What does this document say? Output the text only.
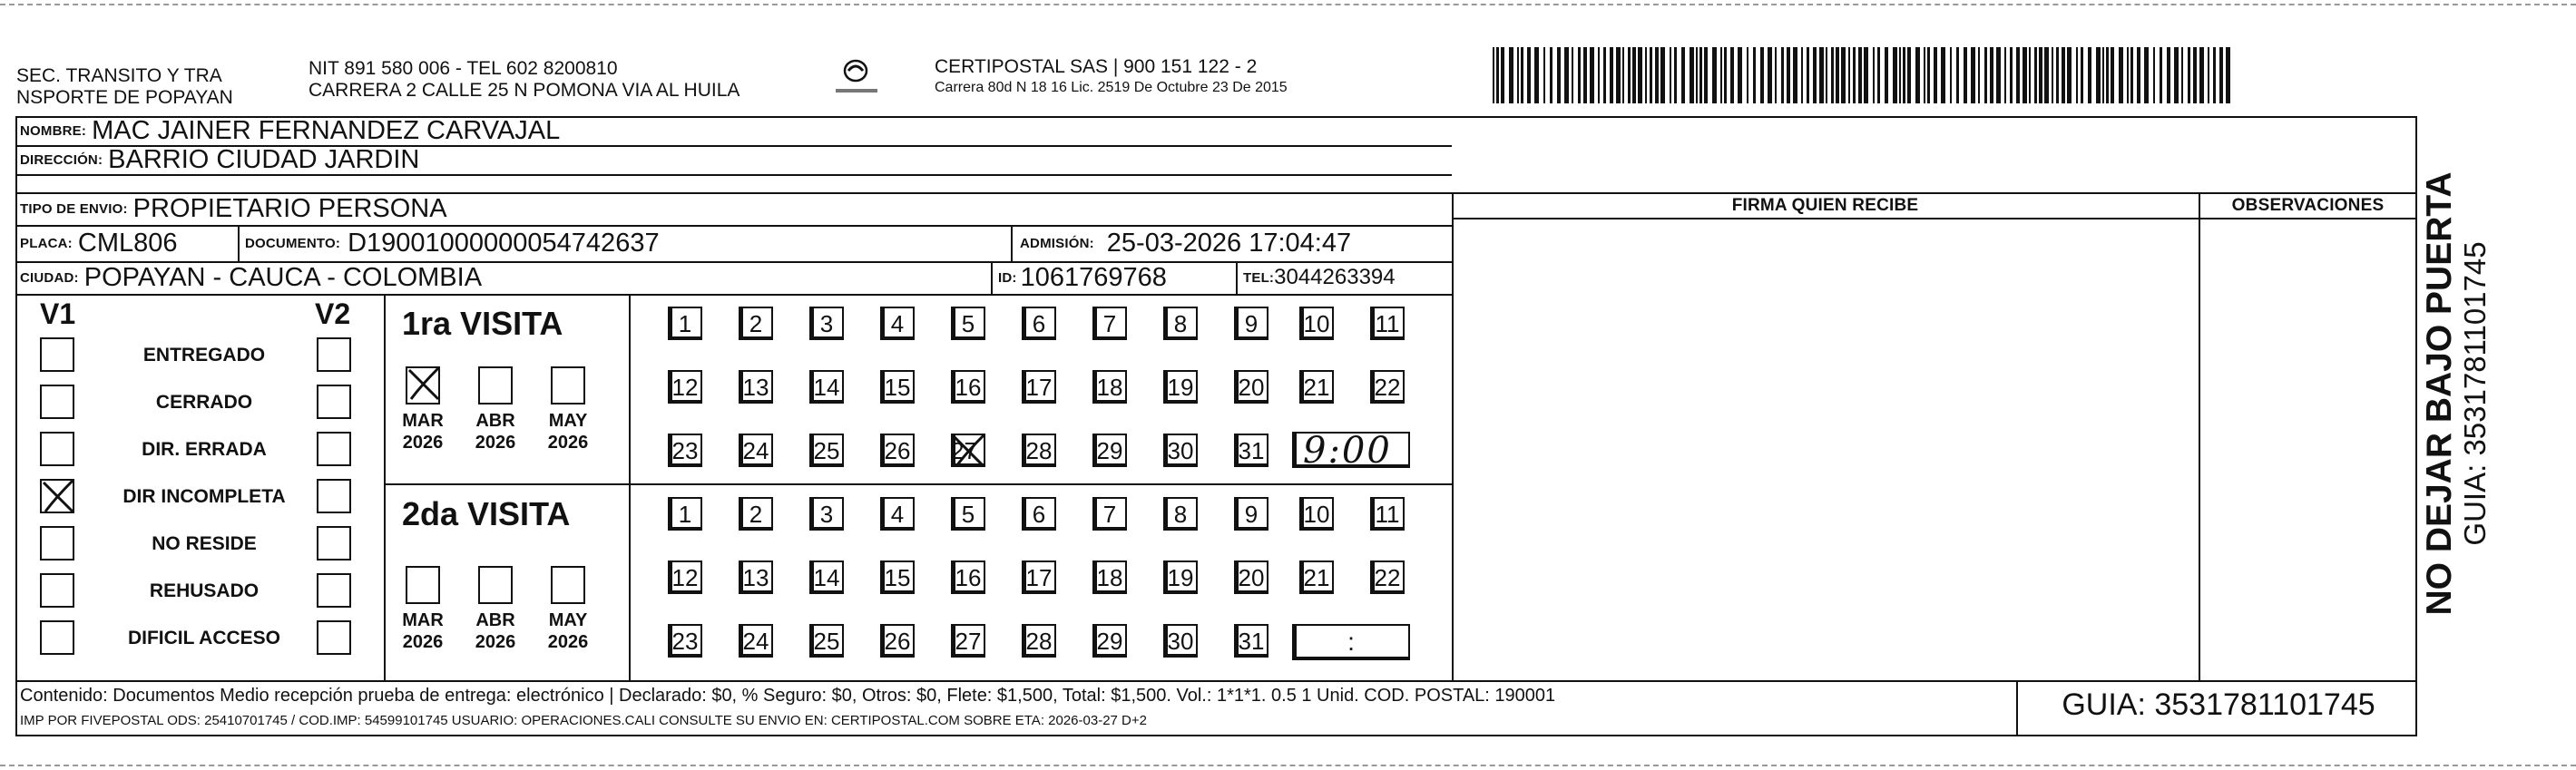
SEC. TRANSITO Y TRA
NSPORTE DE POPAYAN
NIT 891 580 006 - TEL 602 8200810
CARRERA 2 CALLE 25 N POMONA VIA AL HUILA
CERTIPOSTAL SAS | 900 151 122 - 2
Carrera 80d N 18 16 Lic. 2519 De Octubre 23 De 2015
NOMBRE: MAC JAINER FERNANDEZ CARVAJAL
DIRECCIÓN: BARRIO CIUDAD JARDIN
TIPO DE ENVIO: PROPIETARIO PERSONA
PLACA: CML806	DOCUMENTO: D19001000000054742637	ADMISIÓN: 25-03-2026 17:04:47
CIUDAD: POPAYAN - CAUCA - COLOMBIA	ID: 1061769768	TEL: 3044263394
FIRMA QUIEN RECIBE	OBSERVACIONES
V1	V2
ENTREGADO
CERRADO
DIR. ERRADA
DIR INCOMPLETA
NO RESIDE
REHUSADO
DIFICIL ACCESO
1ra VISITA
2da VISITA
MAR
2026
ABR
2026
MAY
2026
MAR
2026
ABR
2026
MAY
2026
1	2	3	4	5	6	7	8	9	10 11
12 13 14 15 16 17 18 19 20 21 22
23 24 25 26 27 28 29 30 31
1	2	3	4	5	6	7	8	9	10 11
12 13 14 15 16 17 18 19 20 21 22
23 24 25 26 27 28 29 30 31
9:00
:
Contenido: Documentos Medio recepción prueba de entrega: electrónico | Declarado: $0, % Seguro: $0, Otros: $0, Flete: $1,500, Total: $1,500. Vol.: 1*1*1. 0.5 1 Unid. COD. POSTAL: 190001
IMP POR FIVEPOSTAL ODS: 25410701745 / COD.IMP: 54599101745 USUARIO: OPERACIONES.CALI CONSULTE SU ENVIO EN: CERTIPOSTAL.COM SOBRE ETA: 2026-03-27 D+2	GUIA: 3531781101745
NO DEJAR BAJO PUERTA GUIA: 3531781101745
